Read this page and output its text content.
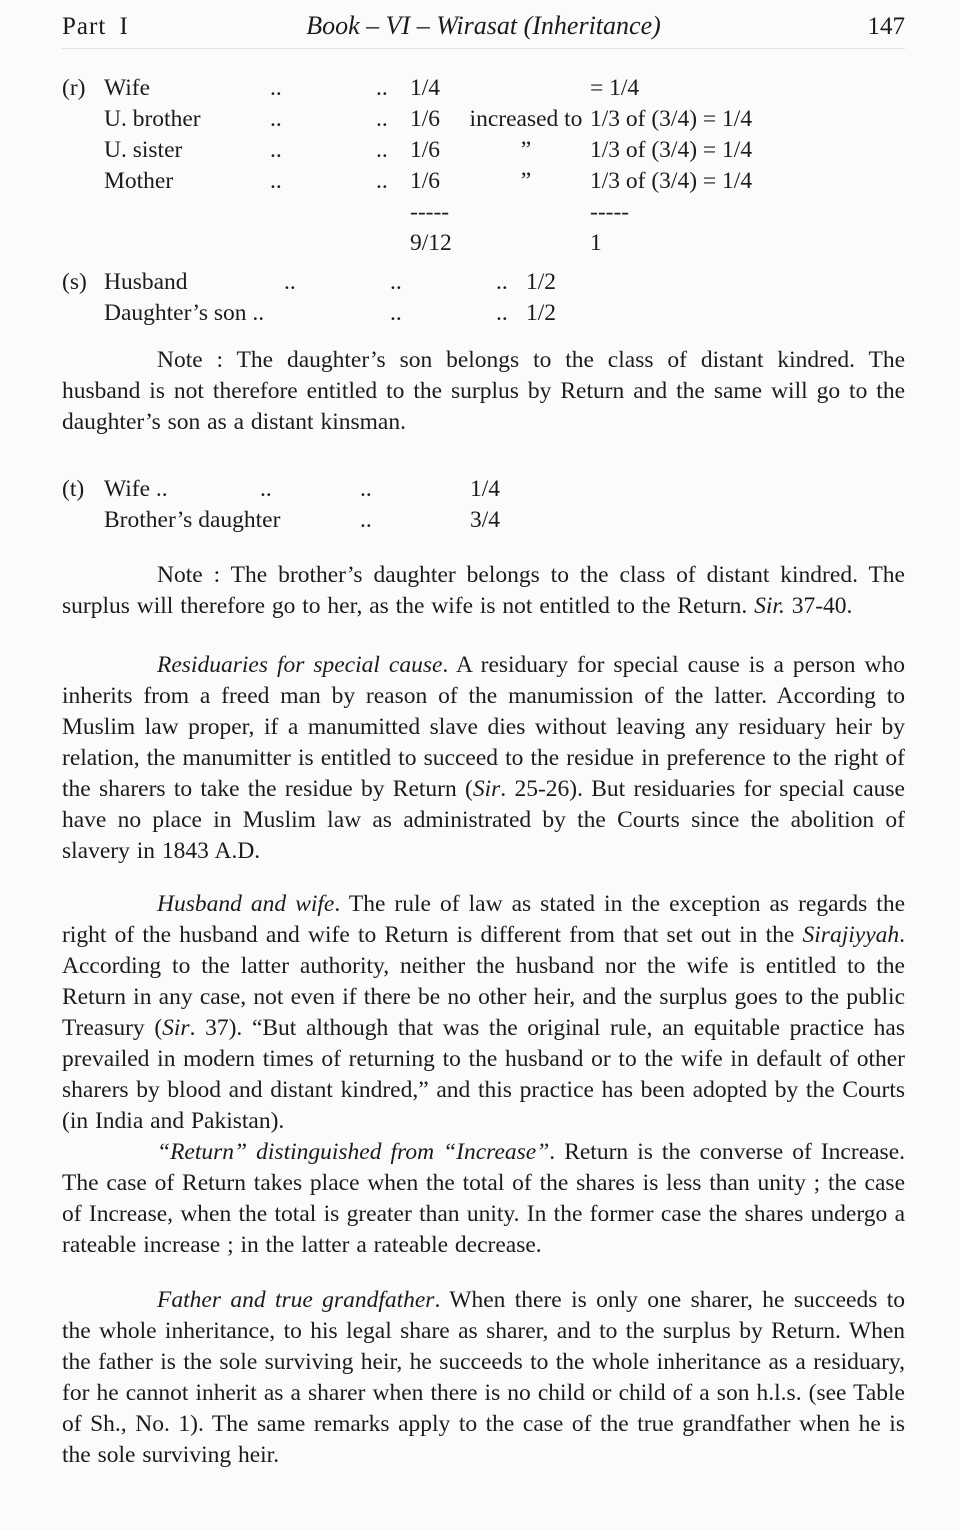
Part I	Book – VI – Wirasat (Inheritance)	147
(r) Wife	..	.. 1/4	= 1/4
U. brother	..	.. 1/6	increased to 1/3 of (3/4) = 1/4
U. sister	..	.. 1/6	”	1/3 of (3/4) = 1/4
Mother	..	.. 1/6	”	1/3 of (3/4) = 1/4
-----	-----
9/12	1
(s) Husband	..	..	.. 1/2
Daughter’s son ..	..	.. 1/2

Note : The daughter’s son belongs to the class of distant kindred. The husband is not therefore entitled to the surplus by Return and the same will go to the daughter’s son as a distant kinsman.

(t) Wife ..	..	..	1/4
Brother’s daughter	..	3/4

Note : The brother’s daughter belongs to the class of distant kindred. The surplus will therefore go to her, as the wife is not entitled to the Return. Sir. 37-40.

Residuaries for special cause. A residuary for special cause is a person who inherits from a freed man by reason of the manumission of the latter. According to Muslim law proper, if a manumitted slave dies without leaving any residuary heir by relation, the manumitter is entitled to succeed to the residue in preference to the right of the sharers to take the residue by Return (Sir. 25-26). But residuaries for special cause have no place in Muslim law as administrated by the Courts since the abolition of slavery in 1843 A.D.

Husband and wife. The rule of law as stated in the exception as regards the right of the husband and wife to Return is different from that set out in the Sirajiyyah. According to the latter authority, neither the husband nor the wife is entitled to the Return in any case, not even if there be no other heir, and the surplus goes to the public Treasury (Sir. 37). “But although that was the original rule, an equitable practice has prevailed in modern times of returning to the husband or to the wife in default of other sharers by blood and distant kindred,” and this practice has been adopted by the Courts (in India and Pakistan).

“Return” distinguished from “Increase”. Return is the converse of Increase. The case of Return takes place when the total of the shares is less than unity ; the case of Increase, when the total is greater than unity. In the former case the shares undergo a rateable increase ; in the latter a rateable decrease.

Father and true grandfather. When there is only one sharer, he succeeds to the whole inheritance, to his legal share as sharer, and to the surplus by Return. When the father is the sole surviving heir, he succeeds to the whole inheritance as a residuary, for he cannot inherit as a sharer when there is no child or child of a son h.l.s. (see Table of Sh., No. 1). The same remarks apply to the case of the true grandfather when he is the sole surviving heir.
